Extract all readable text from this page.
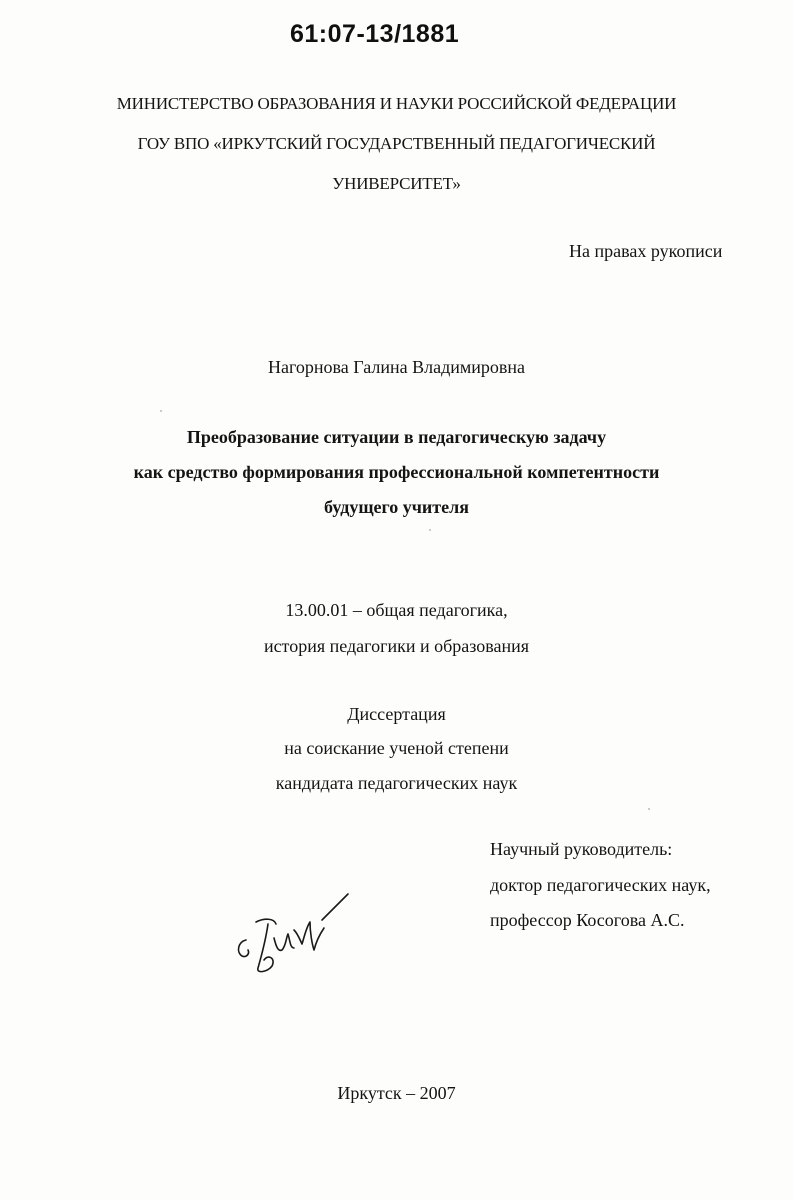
61:07-13/1881
МИНИСТЕРСТВО ОБРАЗОВАНИЯ И НАУКИ РОССИЙСКОЙ ФЕДЕРАЦИИ
ГОУ ВПО «ИРКУТСКИЙ ГОСУДАРСТВЕННЫЙ ПЕДАГОГИЧЕСКИЙ
УНИВЕРСИТЕТ»
На правах рукописи
Нагорнова Галина Владимировна
Преобразование ситуации в педагогическую задачу
как средство формирования профессиональной компетентности
будущего учителя
13.00.01 – общая педагогика,
история педагогики и образования
Диссертация
на соискание ученой степени
кандидата педагогических наук
Научный руководитель:
доктор педагогических наук,
профессор Косогова А.С.
Иркутск – 2007
